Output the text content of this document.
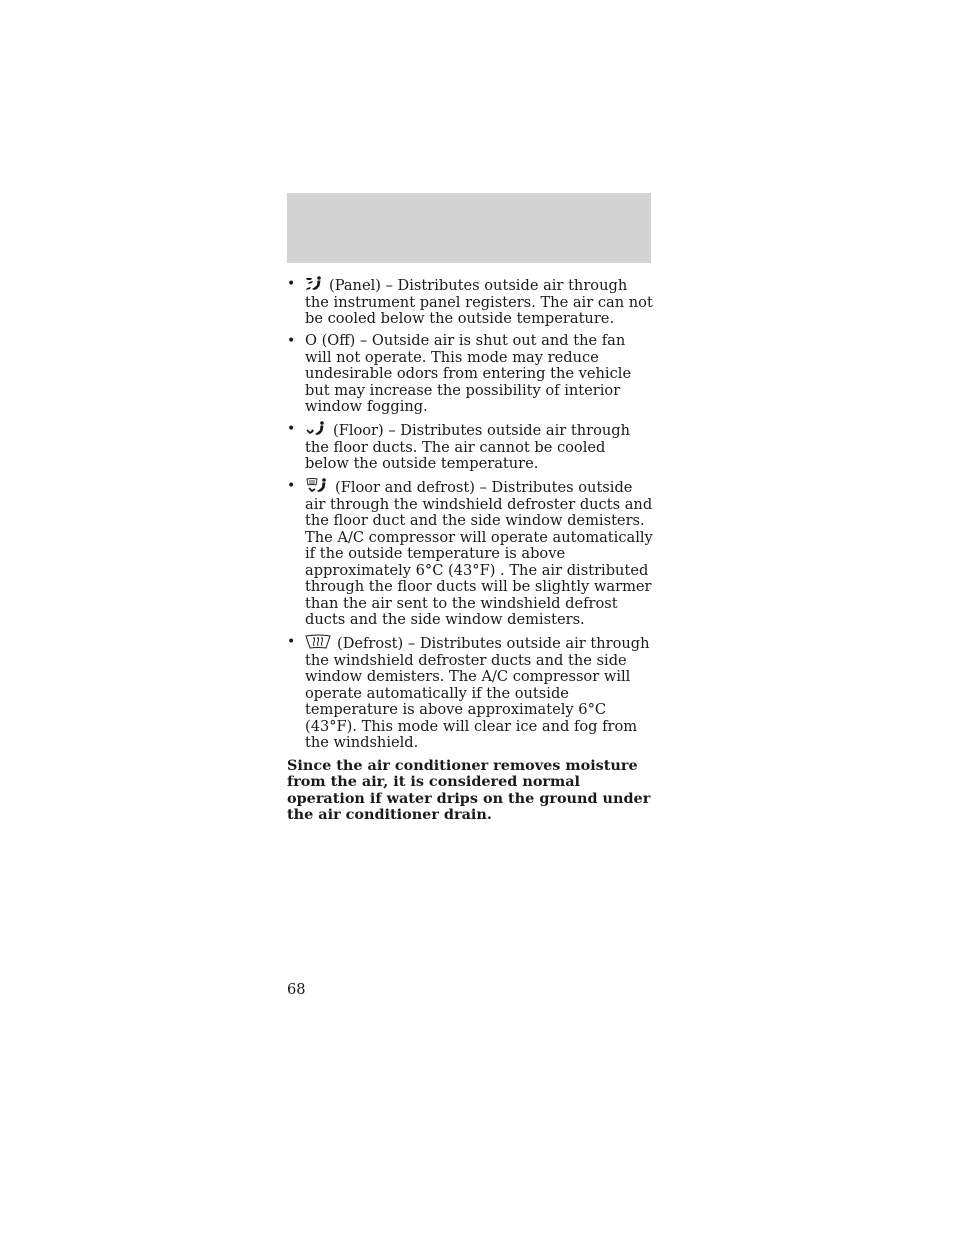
• (Panel) – Distributes outside air through the instrument panel registers. The air can not be cooled below the outside temperature.
• O (Off) – Outside air is shut out and the fan will not operate. This mode may reduce undesirable odors from entering the vehicle but may increase the possibility of interior window fogging.
•	(Floor) – Distributes outside air through the floor ducts. The air cannot be cooled below the outside temperature.
•	(Floor and defrost) – Distributes outside air through the windshield defroster ducts and the floor duct and the side window demisters. The A/C compressor will operate automatically if the outside temperature is above approximately 6°C (43°F) . The air distributed through the floor ducts will be slightly warmer than the air sent to the windshield defrost ducts and the side window demisters.
•	(Defrost) – Distributes outside air through the windshield defroster ducts and the side window demisters. The A/C compressor will operate automatically if the outside temperature is above approximately 6°C (43°F). This mode will clear ice and fog from the windshield.

Since the air conditioner removes moisture from the air, it is considered normal operation if water drips on the ground under the air conditioner drain.

68
